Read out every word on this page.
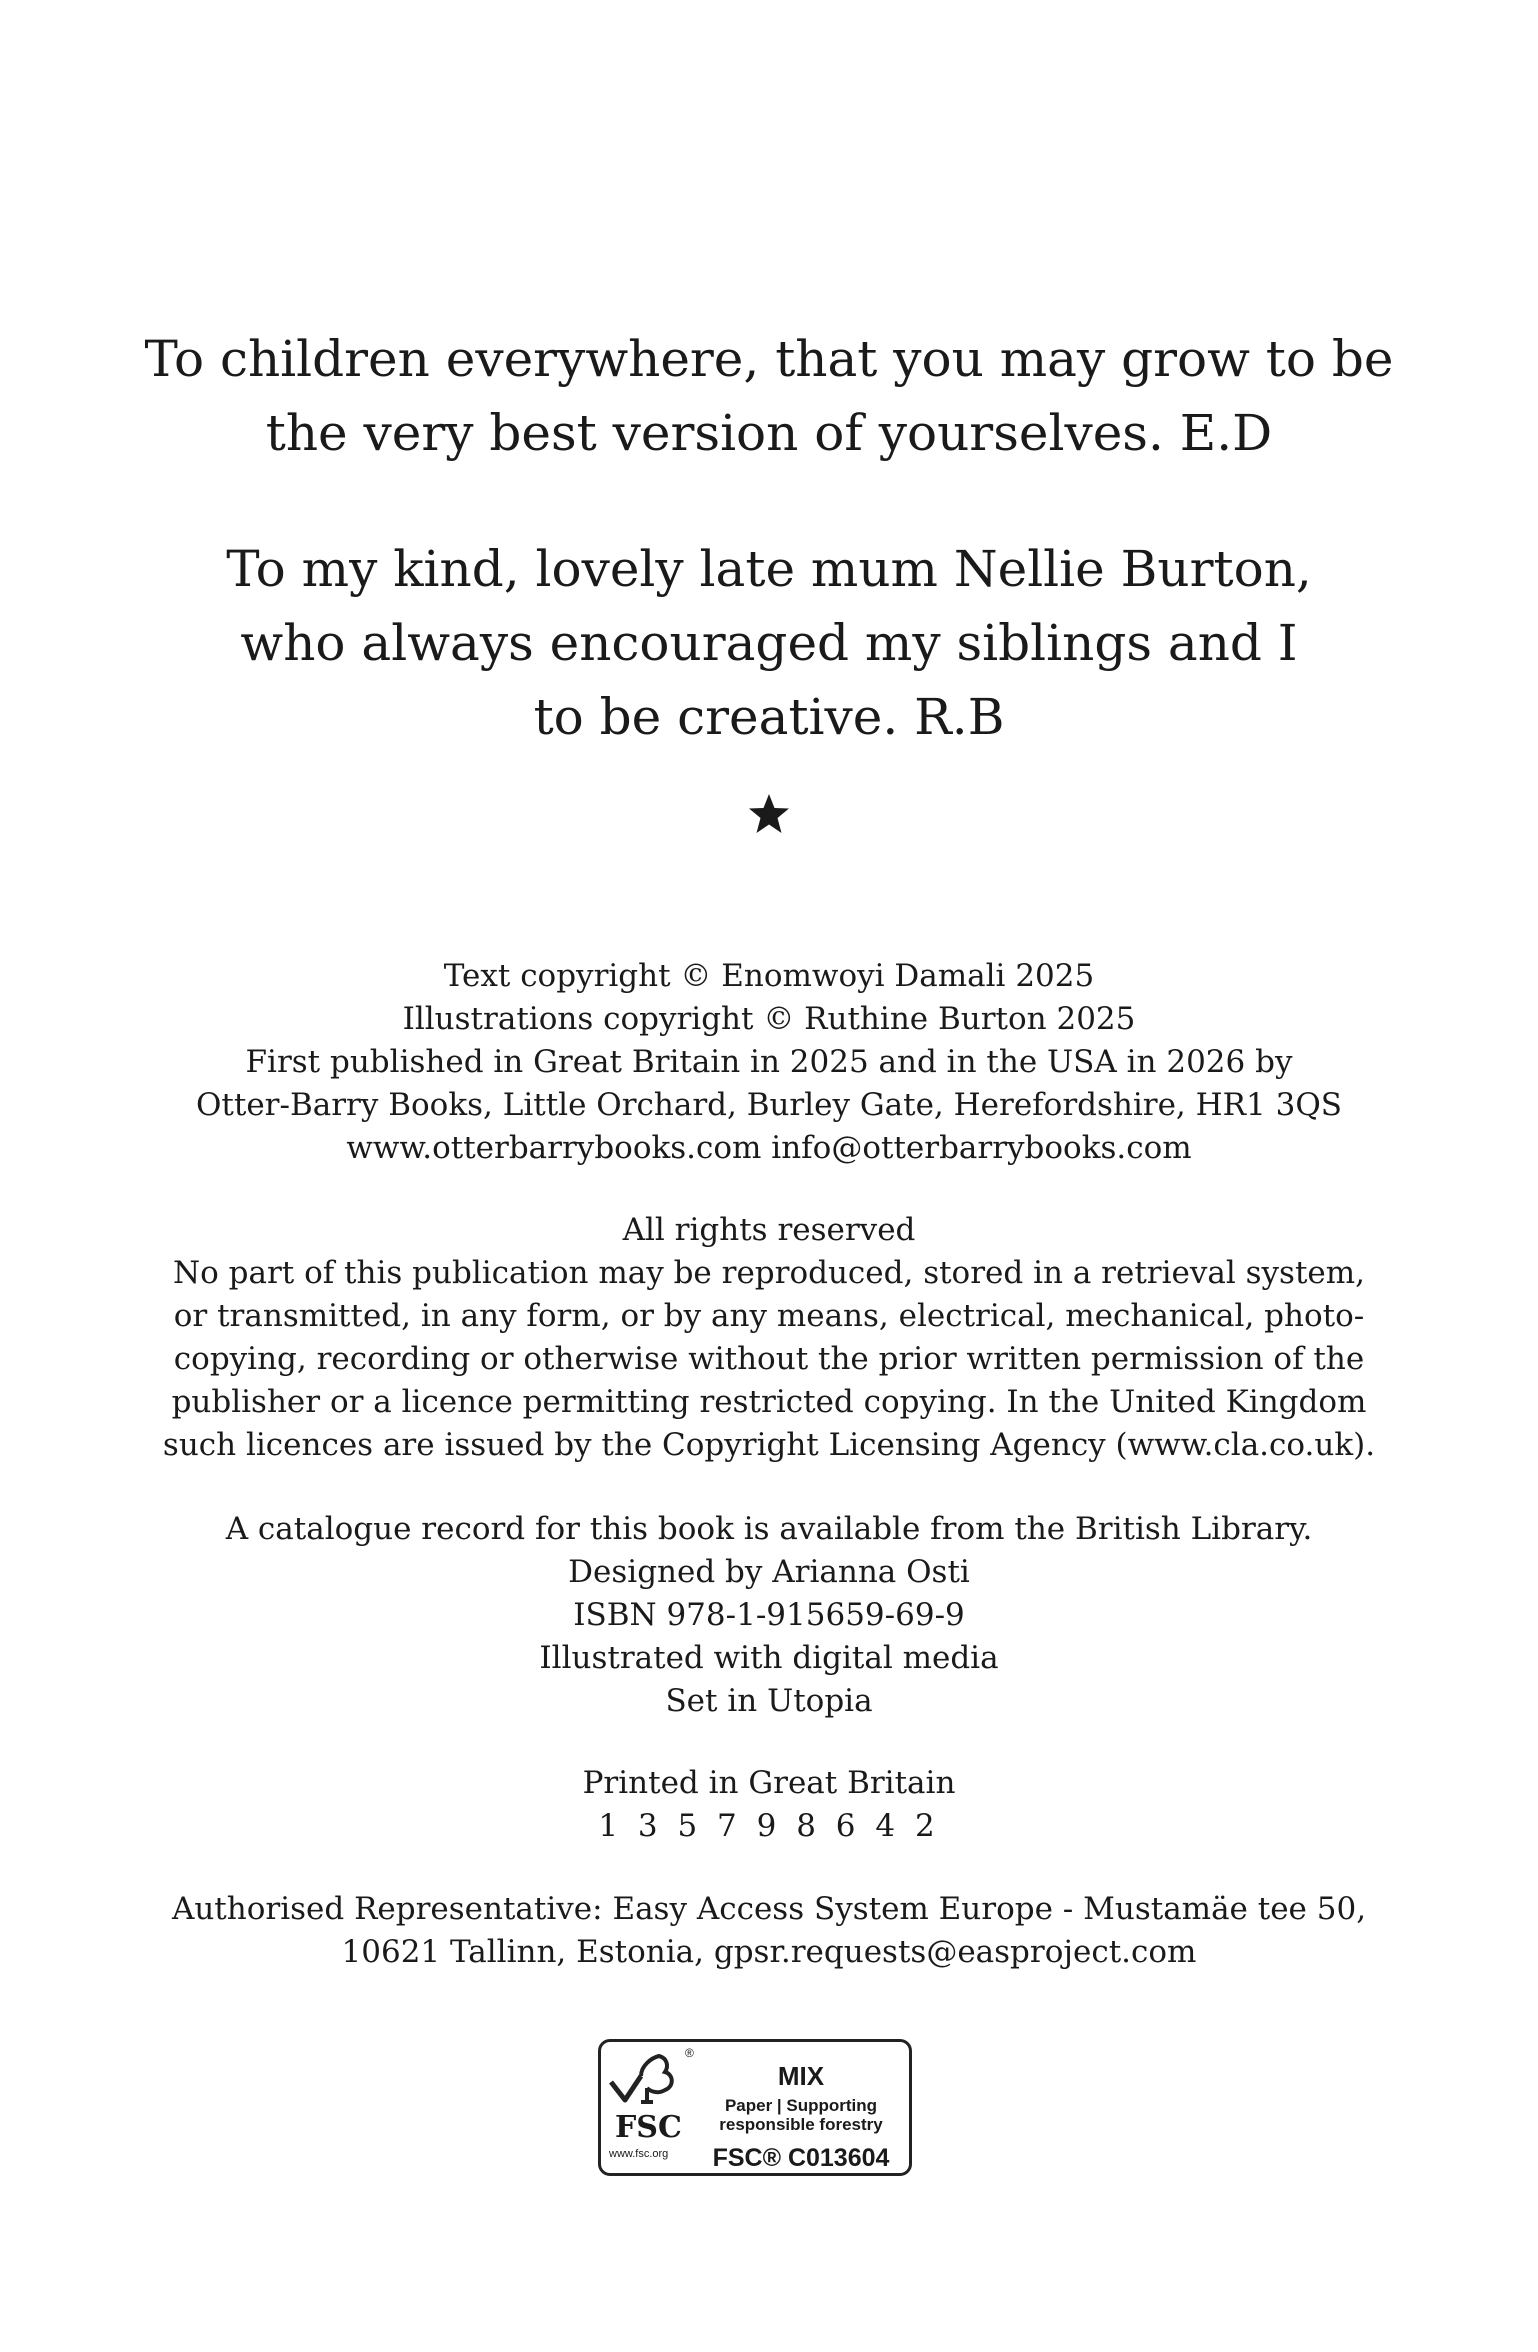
To children everywhere, that you may grow to be
the very best version of yourselves. E.D
To my kind, lovely late mum Nellie Burton,
who always encouraged my siblings and I
to be creative. R.B
Text copyright © Enomwoyi Damali 2025
Illustrations copyright © Ruthine Burton 2025
First published in Great Britain in 2025 and in the USA in 2026 by
Otter-Barry Books, Little Orchard, Burley Gate, Herefordshire, HR1 3QS
www.otterbarrybooks.com info@otterbarrybooks.com
All rights reserved
No part of this publication may be reproduced, stored in a retrieval system,
or transmitted, in any form, or by any means, electrical, mechanical, photo-
copying, recording or otherwise without the prior written permission of the
publisher or a licence permitting restricted copying. In the United Kingdom
such licences are issued by the Copyright Licensing Agency (www.cla.co.uk).
A catalogue record for this book is available from the British Library.
Designed by Arianna Osti
ISBN 978-1-915659-69-9
Illustrated with digital media
Set in Utopia
Printed in Great Britain
1 3 5 7 9 8 6 4 2
Authorised Representative: Easy Access System Europe - Mustamäe tee 50,
10621 Tallinn, Estonia, gpsr.requests@easproject.com
®
FSC
www.fsc.org
MIX
Paper | Supporting
responsible forestry
FSC® C013604
